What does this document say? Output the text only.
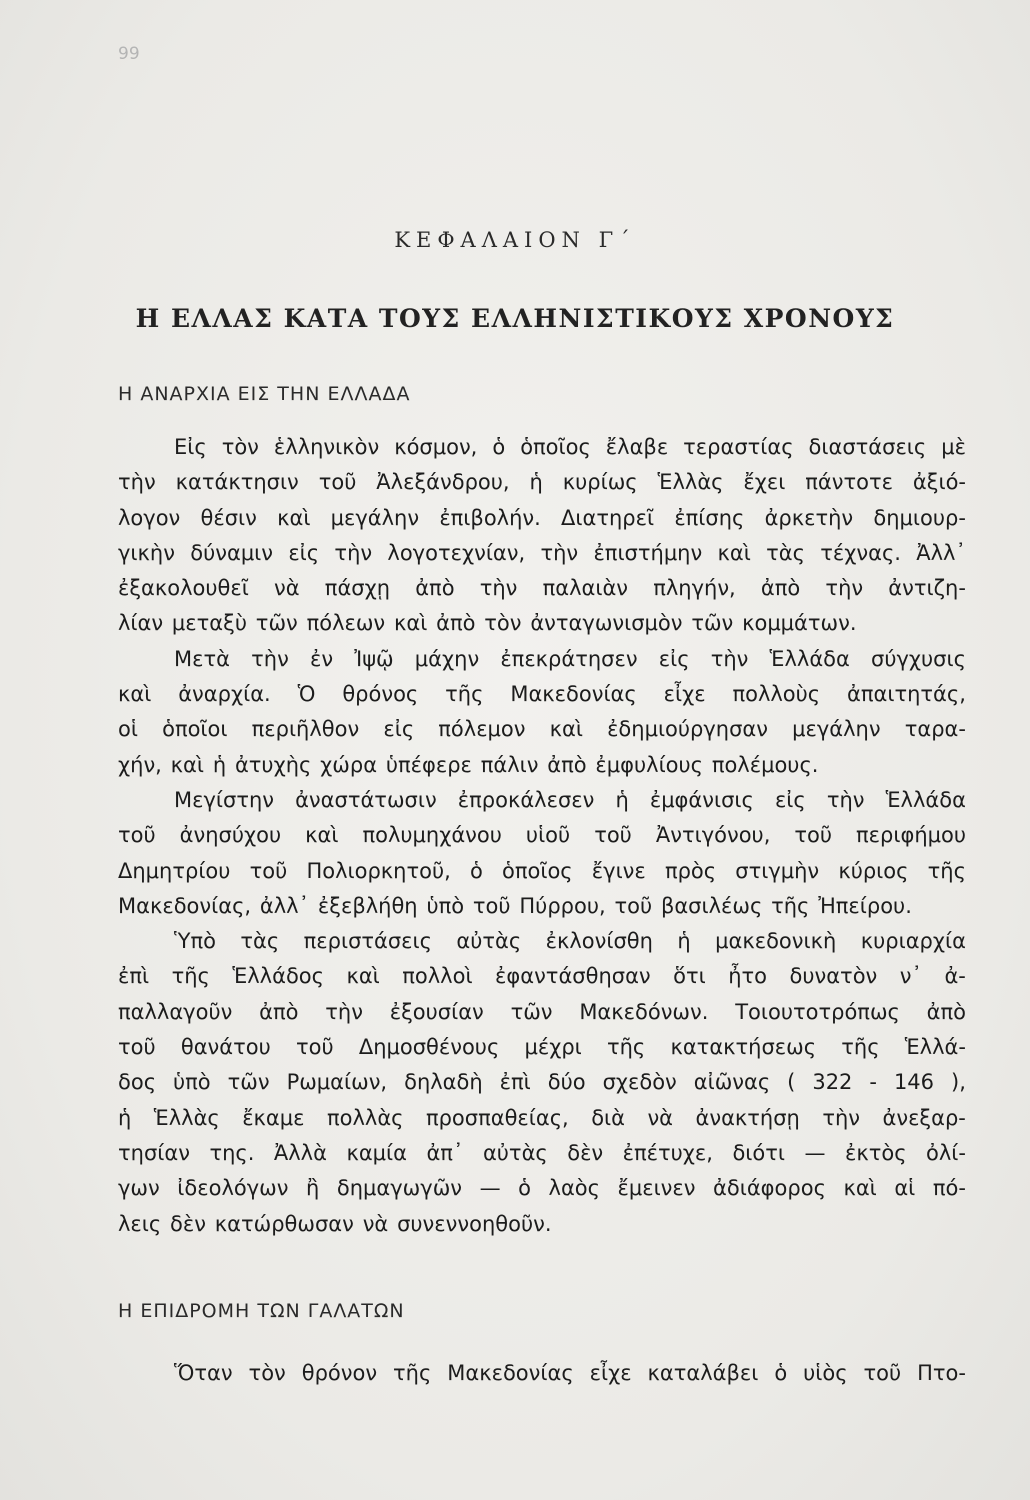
99
ΚΕΦΑΛΑΙΟΝ Γ΄
Η ΕΛΛΑΣ ΚΑΤΑ ΤΟΥΣ ΕΛΛΗΝΙΣΤΙΚΟΥΣ ΧΡΟΝΟΥΣ
Η ΑΝΑΡΧΙΑ ΕΙΣ ΤΗΝ ΕΛΛΑΔΑ
Εἰς τὸν ἑλληνικὸν κόσμον, ὁ ὁποῖος ἔλαβε τεραστίας διαστάσεις μὲ
τὴν κατάκτησιν τοῦ Ἀλεξάνδρου, ἡ κυρίως Ἑλλὰς ἔχει πάντοτε ἀξιό-
λογον θέσιν καὶ μεγάλην ἐπιβολήν. Διατηρεῖ ἐπίσης ἀρκετὴν δημιουρ-
γικὴν δύναμιν εἰς τὴν λογοτεχνίαν, τὴν ἐπιστήμην καὶ τὰς τέχνας. Ἀλλ᾽
ἐξακολουθεῖ νὰ πάσχῃ ἀπὸ τὴν παλαιὰν πληγήν, ἀπὸ τὴν ἀντιζη-
λίαν μεταξὺ τῶν πόλεων καὶ ἀπὸ τὸν ἀνταγωνισμὸν τῶν κομμάτων.
Μετὰ τὴν ἐν Ἰψῷ μάχην ἐπεκράτησεν εἰς τὴν Ἑλλάδα σύγχυσις
καὶ ἀναρχία. Ὁ θρόνος τῆς Μακεδονίας εἶχε πολλοὺς ἀπαιτητάς,
οἱ ὁποῖοι περιῆλθον εἰς πόλεμον καὶ ἐδημιούργησαν μεγάλην ταρα-
χήν, καὶ ἡ ἀτυχὴς χώρα ὑπέφερε πάλιν ἀπὸ ἐμφυλίους πολέμους.
Μεγίστην ἀναστάτωσιν ἐπροκάλεσεν ἡ ἐμφάνισις εἰς τὴν Ἑλλάδα
τοῦ ἀνησύχου καὶ πολυμηχάνου υἱοῦ τοῦ Ἀντιγόνου, τοῦ περιφήμου
Δημητρίου τοῦ Πολιορκητοῦ, ὁ ὁποῖος ἔγινε πρὸς στιγμὴν κύριος τῆς
Μακεδονίας, ἀλλ᾽ ἐξεβλήθη ὑπὸ τοῦ Πύρρου, τοῦ βασιλέως τῆς Ἠπείρου.
Ὑπὸ τὰς περιστάσεις αὐτὰς ἐκλονίσθη ἡ μακεδονικὴ κυριαρχία
ἐπὶ τῆς Ἑλλάδος καὶ πολλοὶ ἐφαντάσθησαν ὅτι ἦτο δυνατὸν ν᾽ ἀ-
παλλαγοῦν ἀπὸ τὴν ἐξουσίαν τῶν Μακεδόνων. Τοιουτοτρόπως ἀπὸ
τοῦ θανάτου τοῦ Δημοσθένους μέχρι τῆς κατακτήσεως τῆς Ἑλλά-
δος ὑπὸ τῶν Ρωμαίων, δηλαδὴ ἐπὶ δύο σχεδὸν αἰῶνας ( 322 - 146 ),
ἡ Ἑλλὰς ἔκαμε πολλὰς προσπαθείας, διὰ νὰ ἀνακτήσῃ τὴν ἀνεξαρ-
τησίαν της. Ἀλλὰ καμία ἀπ᾽ αὐτὰς δὲν ἐπέτυχε, διότι — ἐκτὸς ὀλί-
γων ἰδεολόγων ἢ δημαγωγῶν — ὁ λαὸς ἔμεινεν ἀδιάφορος καὶ αἱ πό-
λεις δὲν κατώρθωσαν νὰ συνεννοηθοῦν.
Η ΕΠΙΔΡΟΜΗ ΤΩΝ ΓΑΛΑΤΩΝ
Ὅταν τὸν θρόνον τῆς Μακεδονίας εἶχε καταλάβει ὁ υἱὸς τοῦ Πτο-
